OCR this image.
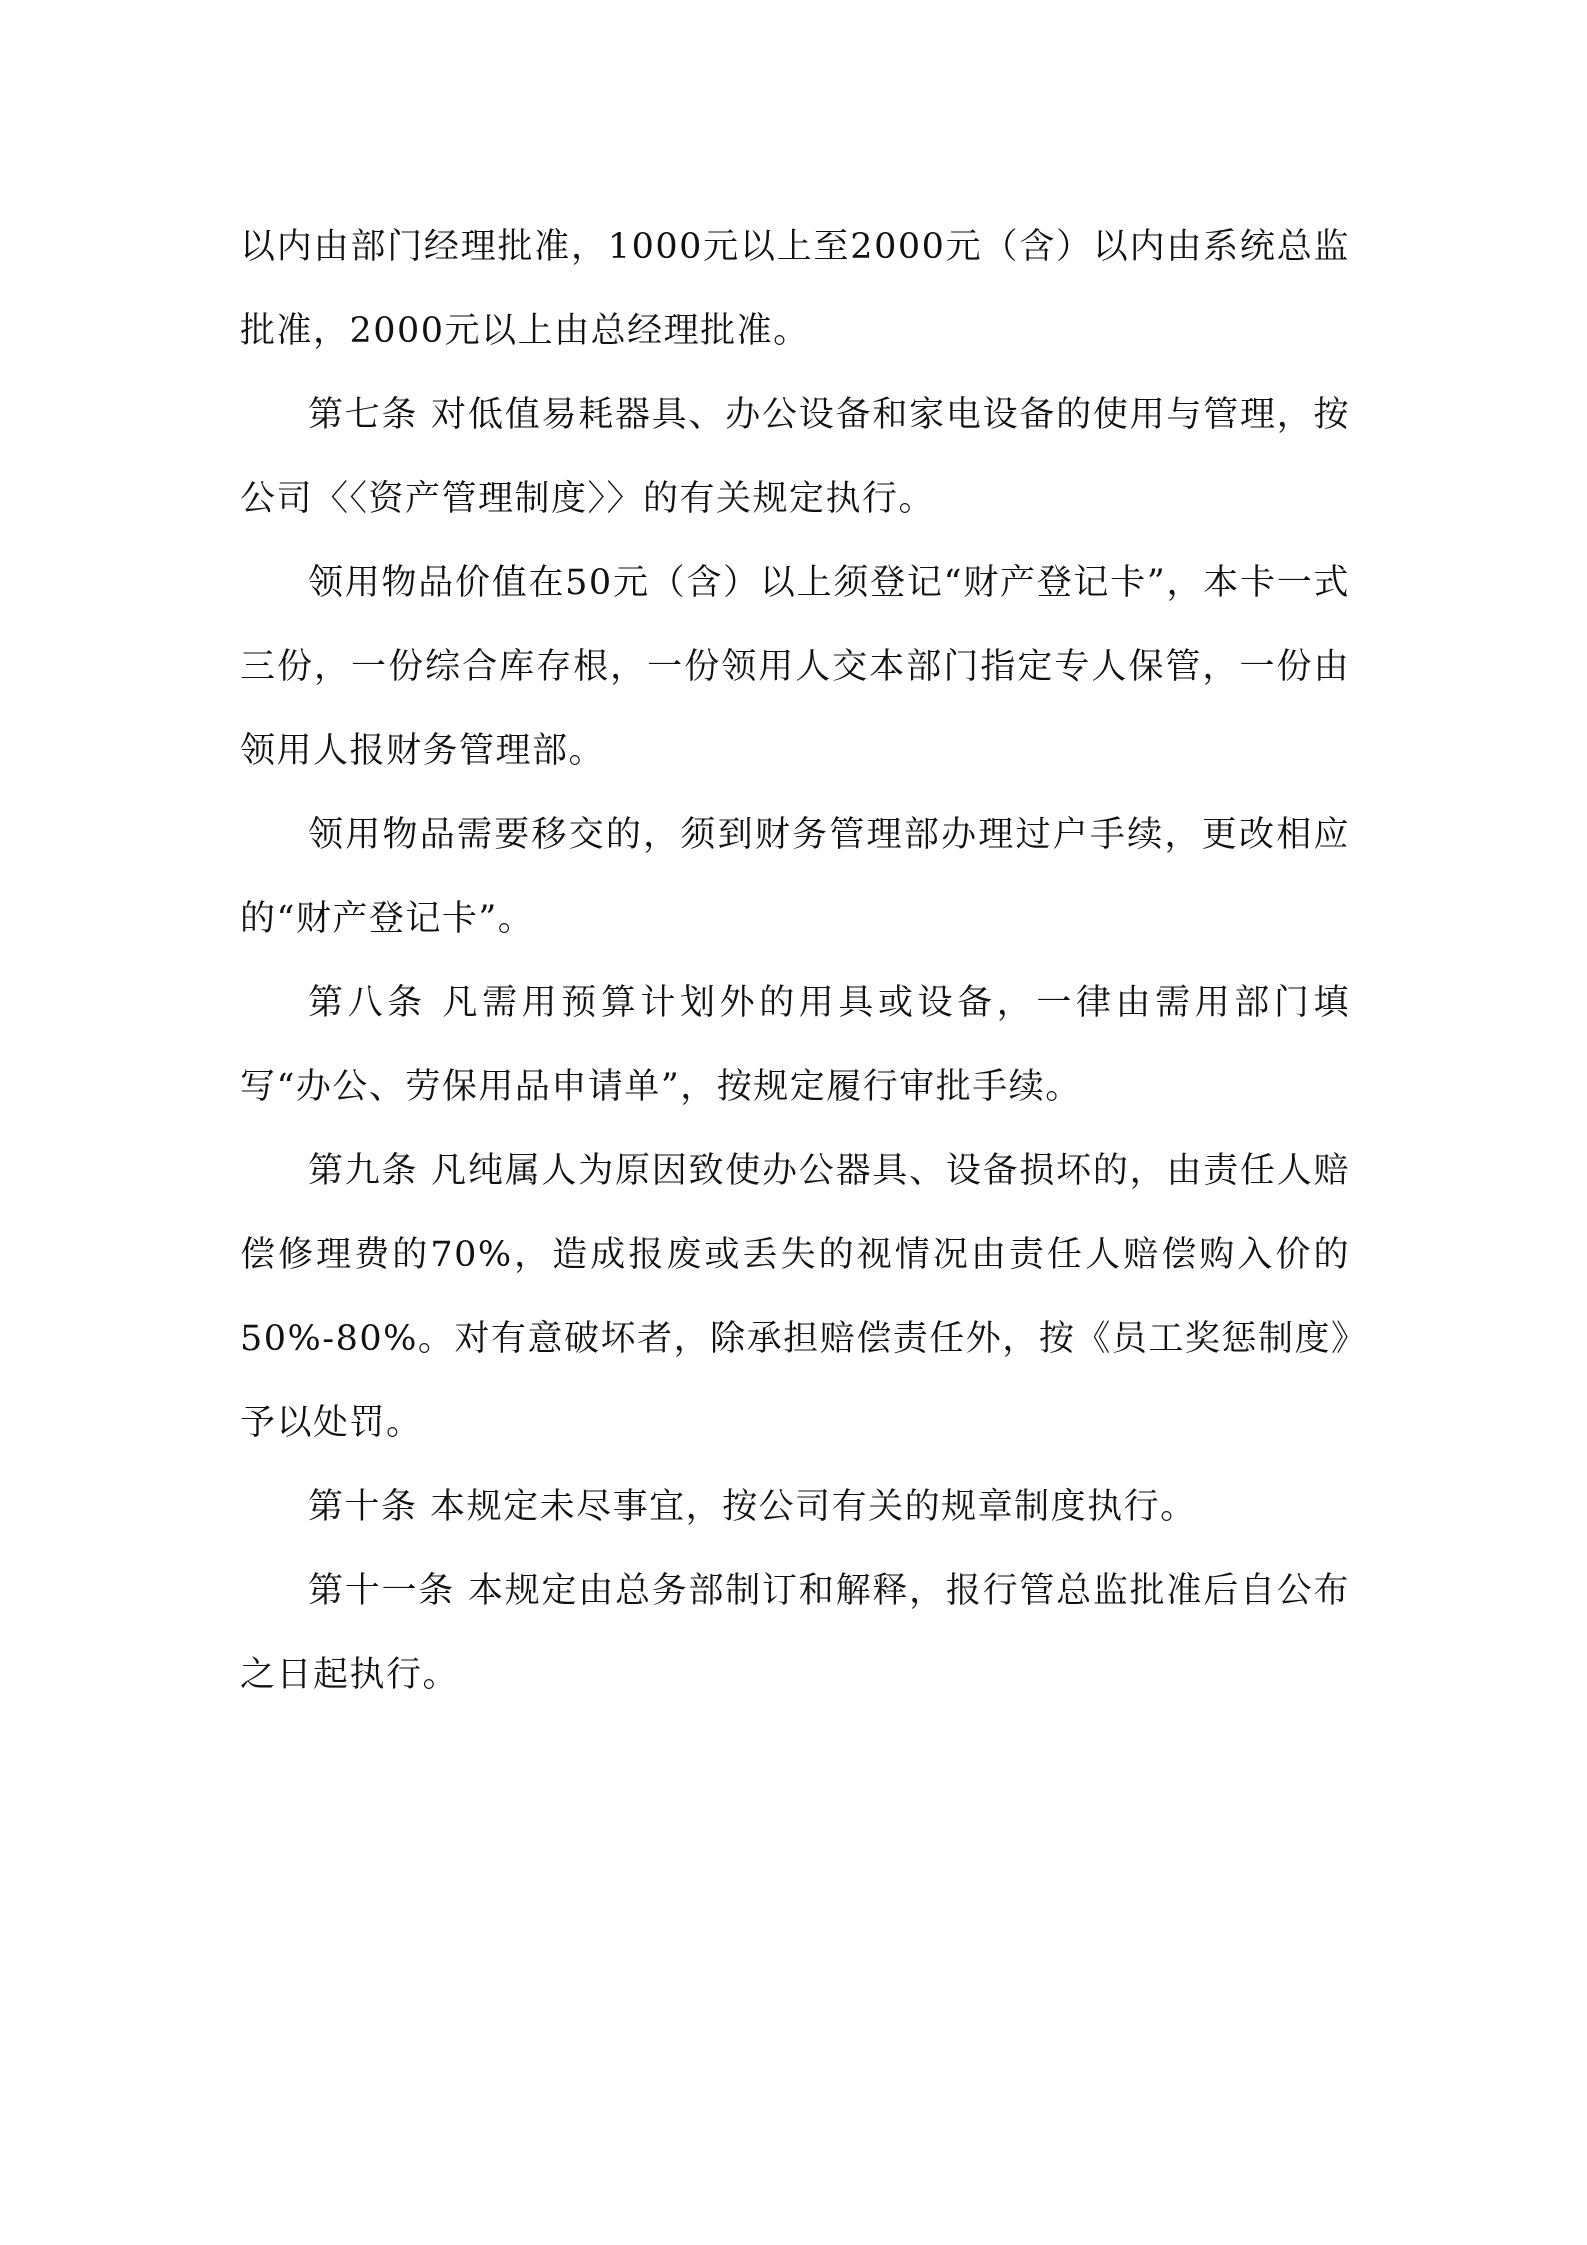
以内由部门经理批准，1000元以上至2000元（含）以内由系统总监批准，2000元以上由总经理批准。

第七条 对低值易耗器具、办公设备和家电设备的使用与管理，按公司〈〈资产管理制度〉〉的有关规定执行。

领用物品价值在50元（含）以上须登记“财产登记卡”，本卡一式三份，一份综合库存根，一份领用人交本部门指定专人保管，一份由领用人报财务管理部。

领用物品需要移交的，须到财务管理部办理过户手续，更改相应的“财产登记卡”。

第八条 凡需用预算计划外的用具或设备，一律由需用部门填写“办公、劳保用品申请单”，按规定履行审批手续。

第九条 凡纯属人为原因致使办公器具、设备损坏的，由责任人赔偿修理费的70%，造成报废或丢失的视情况由责任人赔偿购入价的50%-80%。对有意破坏者，除承担赔偿责任外，按《员工奖惩制度》予以处罚。

第十条 本规定未尽事宜，按公司有关的规章制度执行。

第十一条 本规定由总务部制订和解释，报行管总监批准后自公布之日起执行。
